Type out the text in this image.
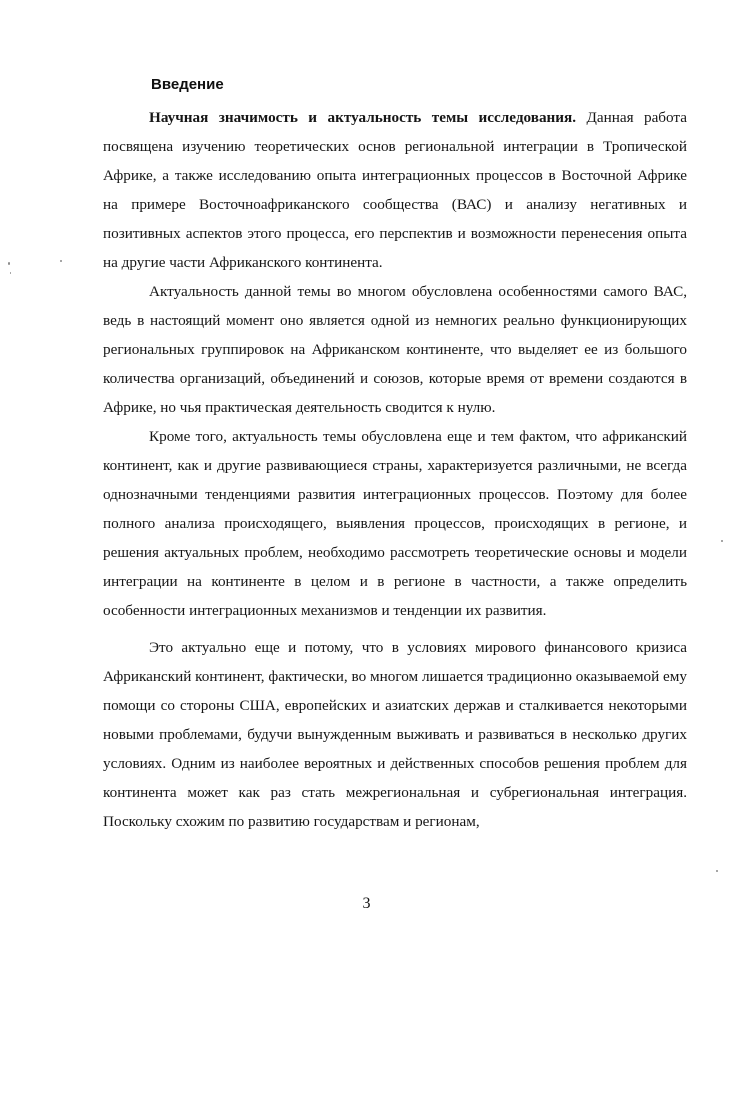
Введение

Научная значимость и актуальность темы исследования. Данная работа посвящена изучению теоретических основ региональной интеграции в Тропической Африке, а также исследованию опыта интеграционных процессов в Восточной Африке на примере Восточноафриканского сообщества (ВАС) и анализу негативных и позитивных аспектов этого процесса, его перспектив и возможности перенесения опыта на другие части Африканского континента.

Актуальность данной темы во многом обусловлена особенностями самого ВАС, ведь в настоящий момент оно является одной из немногих реально функционирующих региональных группировок на Африканском континенте, что выделяет ее из большого количества организаций, объединений и союзов, которые время от времени создаются в Африке, но чья практическая деятельность сводится к нулю.

Кроме того, актуальность темы обусловлена еще и тем фактом, что африканский континент, как и другие развивающиеся страны, характеризуется различными, не всегда однозначными тенденциями развития интеграционных процессов. Поэтому для более полного анализа происходящего, выявления процессов, происходящих в регионе, и решения актуальных проблем, необходимо рассмотреть теоретические основы и модели интеграции на континенте в целом и в регионе в частности, а также определить особенности интеграционных механизмов и тенденции их развития.

Это актуально еще и потому, что в условиях мирового финансового кризиса Африканский континент, фактически, во многом лишается традиционно оказываемой ему помощи со стороны США, европейских и азиатских держав и сталкивается некоторыми новыми проблемами, будучи вынужденным выживать и развиваться в несколько других условиях. Одним из наиболее вероятных и действенных способов решения проблем для континента может как раз стать межрегиональная и субрегиональная интеграция. Поскольку схожим по развитию государствам и регионам,

3
